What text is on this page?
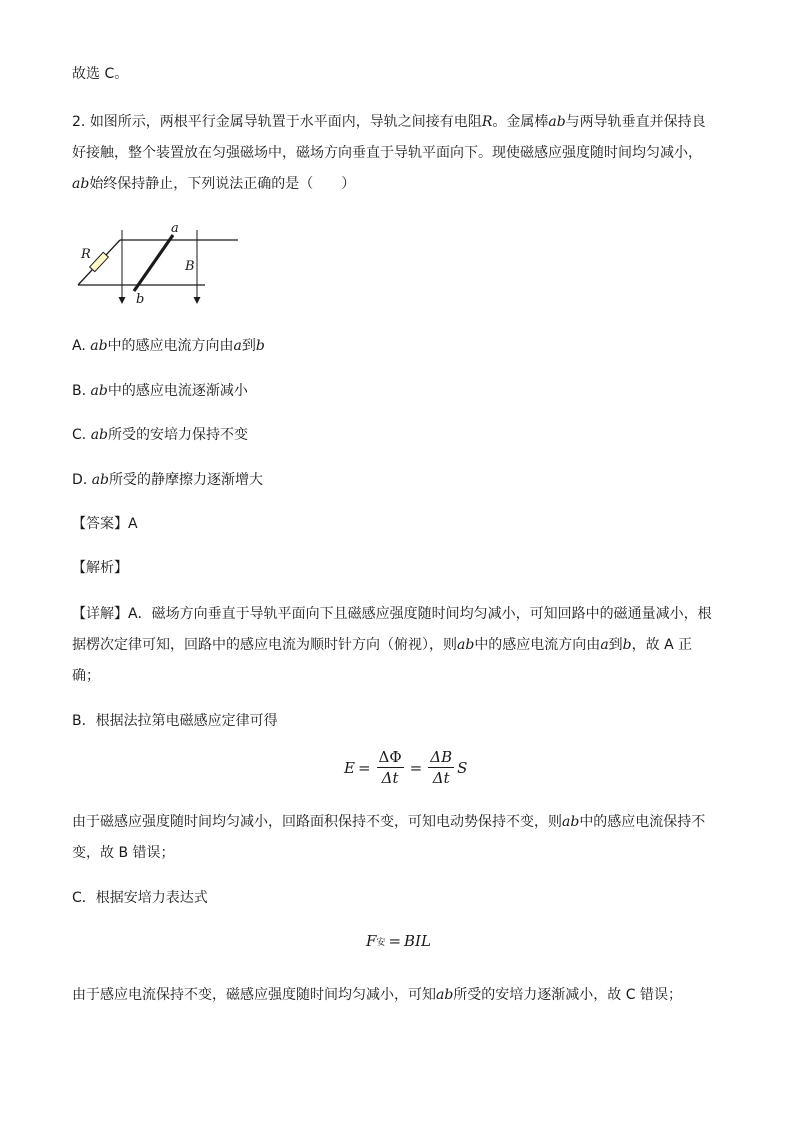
故选 C。
2. 如图所示，两根平行金属导轨置于水平面内，导轨之间接有电阻R。金属棒ab与两导轨垂直并保持良
好接触，整个装置放在匀强磁场中，磁场方向垂直于导轨平面向下。现使磁感应强度随时间均匀减小，
ab始终保持静止，下列说法正确的是（　　）
R
a
b
B
A. ab中的感应电流方向由a到b
B. ab中的感应电流逐渐减小
C. ab所受的安培力保持不变
D. ab所受的静摩擦力逐渐增大
【答案】A
【解析】
【详解】A．磁场方向垂直于导轨平面向下且磁感应强度随时间均匀减小，可知回路中的磁通量减小，根
据楞次定律可知，回路中的感应电流为顺时针方向（俯视），则ab中的感应电流方向由a到b，故 A 正
确；
B．根据法拉第电磁感应定律可得
$E = \frac{\Delta\Phi}{\Delta t} = \frac{\Delta B}{\Delta t}$ S
由于磁感应强度随时间均匀减小，回路面积保持不变，可知电动势保持不变，则ab中的感应电流保持不
变，故 B 错误；
C．根据安培力表达式
F 安 = BIL
由于感应电流保持不变，磁感应强度随时间均匀减小，可知ab所受的安培力逐渐减小，故 C 错误；
